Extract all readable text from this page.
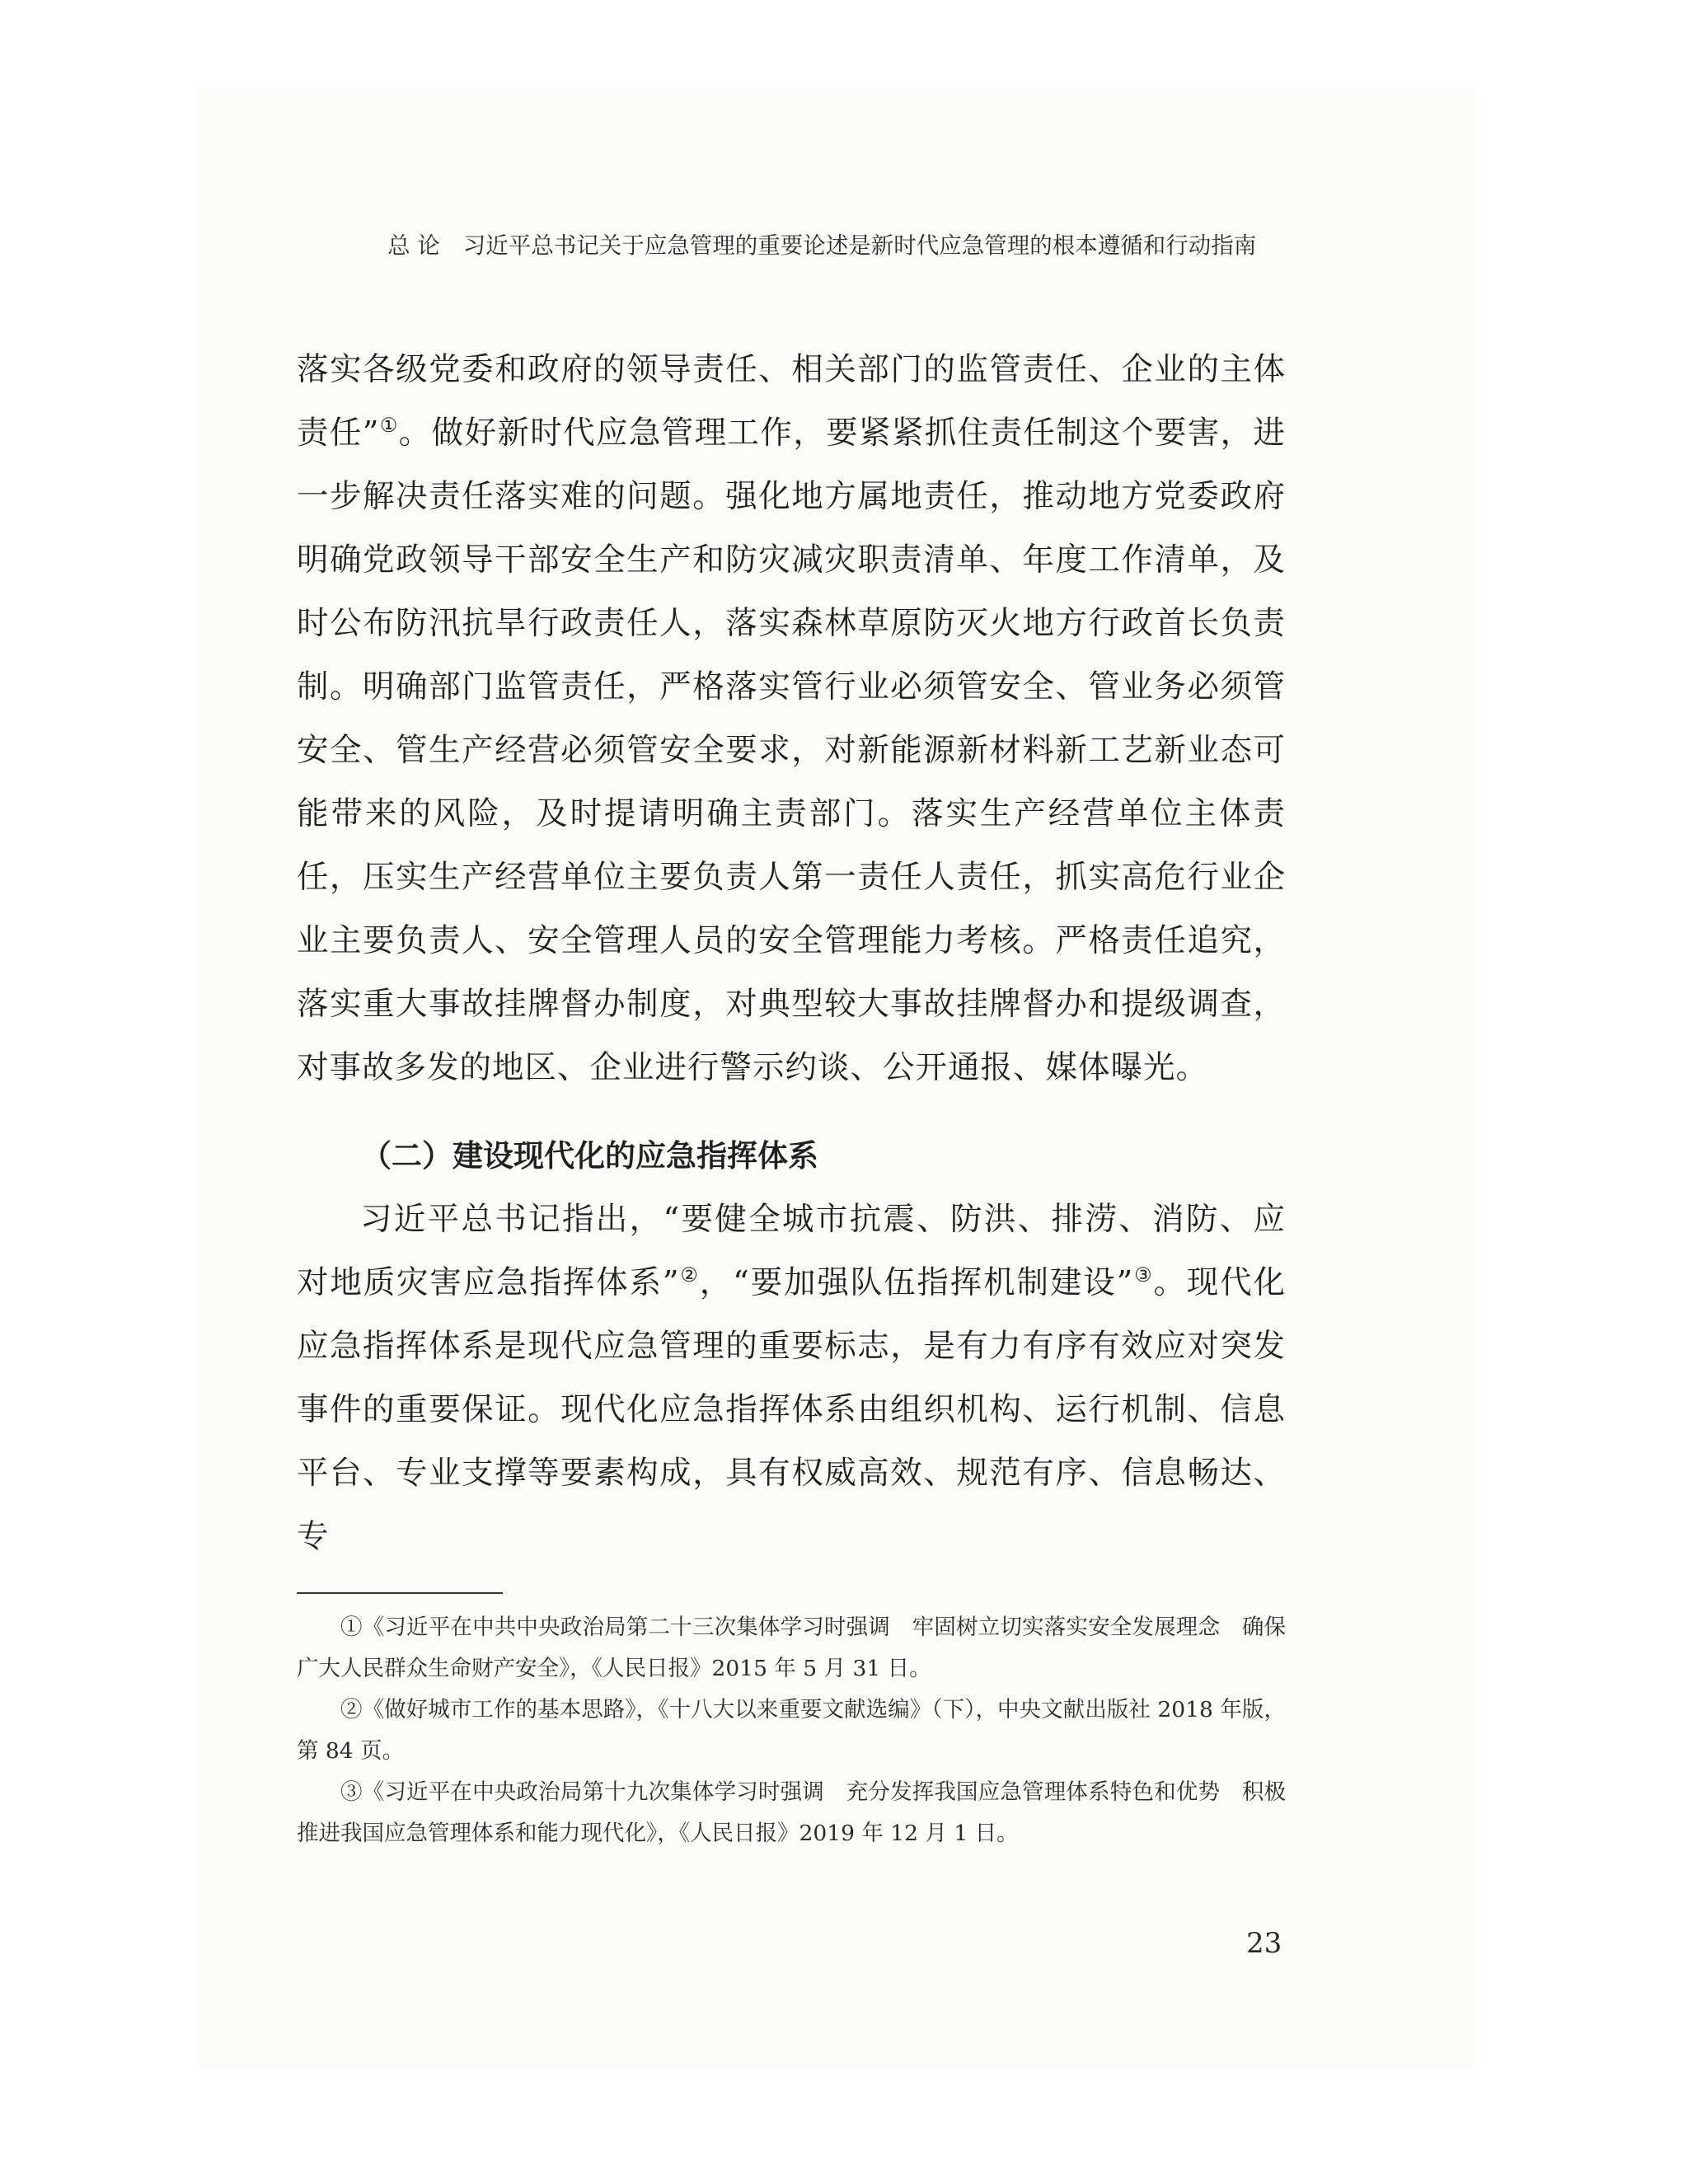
总 论 习近平总书记关于应急管理的重要论述是新时代应急管理的根本遵循和行动指南

落实各级党委和政府的领导责任、相关部门的监管责任、企业的主体责任”①。做好新时代应急管理工作，要紧紧抓住责任制这个要害，进一步解决责任落实难的问题。强化地方属地责任，推动地方党委政府明确党政领导干部安全生产和防灾减灾职责清单、年度工作清单，及时公布防汛抗旱行政责任人，落实森林草原防灭火地方行政首长负责制。明确部门监管责任，严格落实管行业必须管安全、管业务必须管安全、管生产经营必须管安全要求，对新能源新材料新工艺新业态可能带来的风险，及时提请明确主责部门。落实生产经营单位主体责任，压实生产经营单位主要负责人第一责任人责任，抓实高危行业企业主要负责人、安全管理人员的安全管理能力考核。严格责任追究，落实重大事故挂牌督办制度，对典型较大事故挂牌督办和提级调查，对事故多发的地区、企业进行警示约谈、公开通报、媒体曝光。

（二）建设现代化的应急指挥体系

习近平总书记指出，“要健全城市抗震、防洪、排涝、消防、应对地质灾害应急指挥体系”②，“要加强队伍指挥机制建设”③。现代化应急指挥体系是现代应急管理的重要标志，是有力有序有效应对突发事件的重要保证。现代化应急指挥体系由组织机构、运行机制、信息平台、专业支撑等要素构成，具有权威高效、规范有序、信息畅达、专

①《习近平在中共中央政治局第二十三次集体学习时强调　牢固树立切实落实安全发展理念　确保广大人民群众生命财产安全》，《人民日报》2015 年 5 月 31 日。

②《做好城市工作的基本思路》，《十八大以来重要文献选编》（下），中央文献出版社 2018 年版，第 84 页。

③《习近平在中央政治局第十九次集体学习时强调　充分发挥我国应急管理体系特色和优势　积极推进我国应急管理体系和能力现代化》，《人民日报》2019 年 12 月 1 日。

23
